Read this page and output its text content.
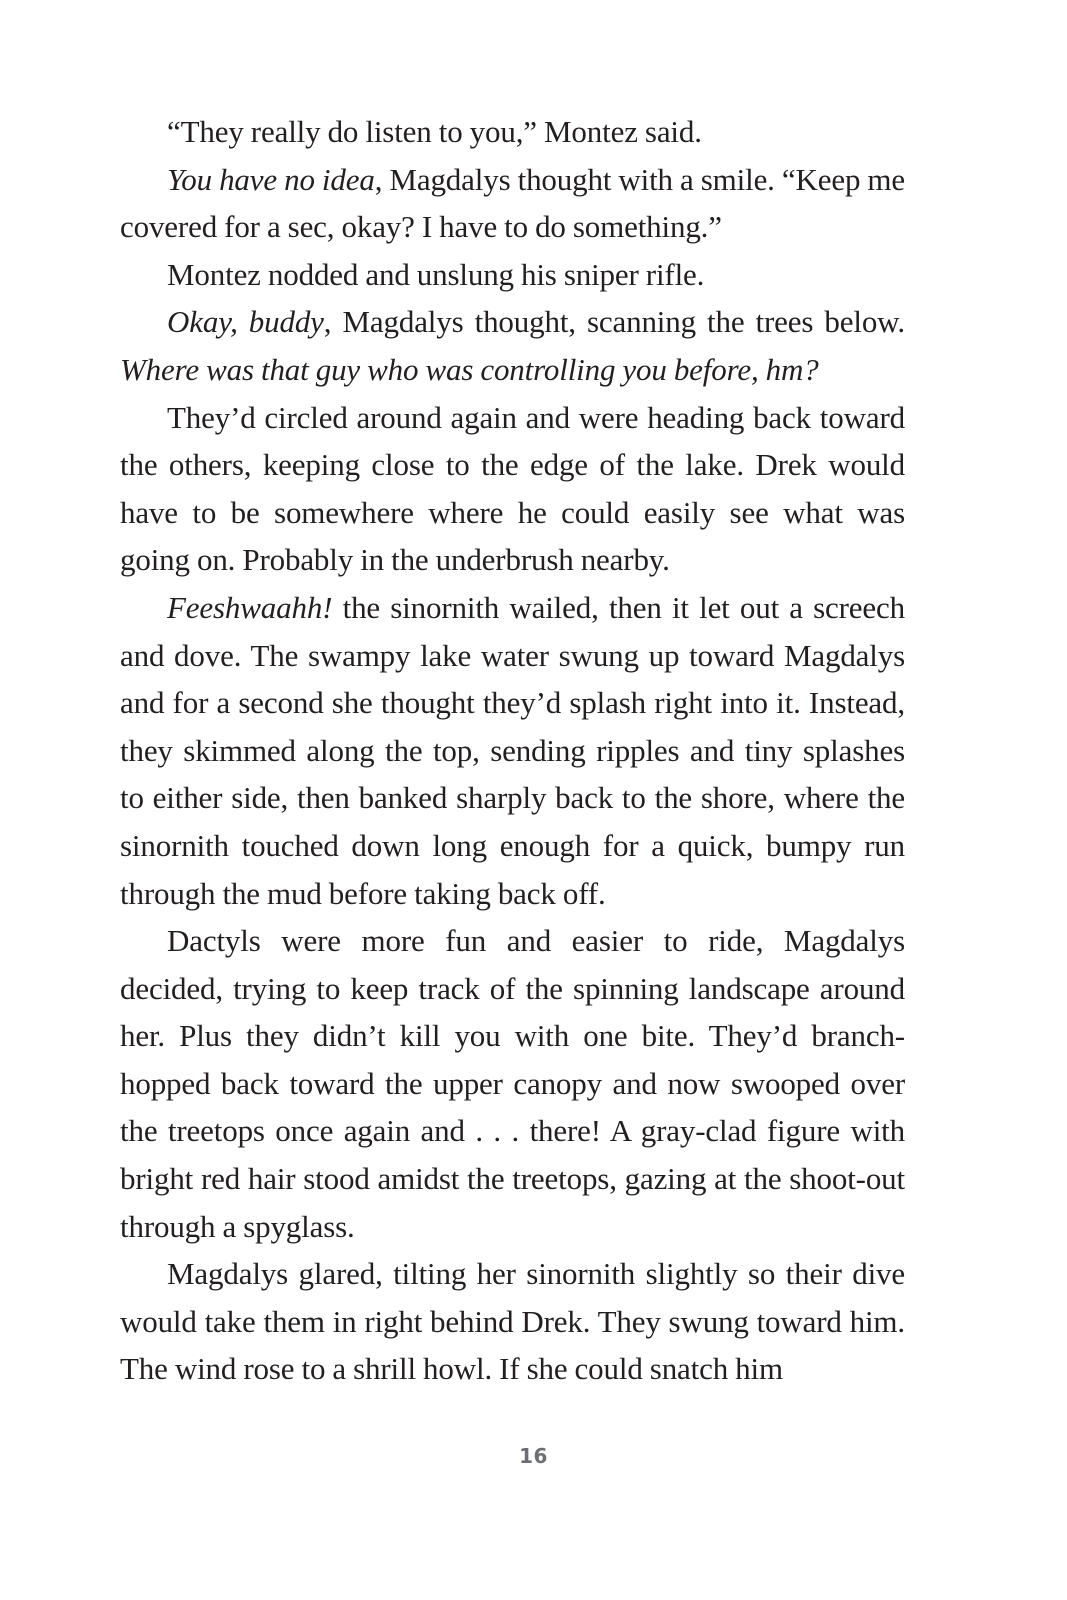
“They really do listen to you,” Montez said.

You have no idea, Magdalys thought with a smile. “Keep me covered for a sec, okay? I have to do something.”

Montez nodded and unslung his sniper rifle.

Okay, buddy, Magdalys thought, scanning the trees below. Where was that guy who was controlling you before, hm?

They’d circled around again and were heading back toward the others, keeping close to the edge of the lake. Drek would have to be somewhere where he could easily see what was going on. Probably in the underbrush nearby.

Feeshwaahh! the sinornith wailed, then it let out a screech and dove. The swampy lake water swung up toward Magdalys and for a second she thought they’d splash right into it. Instead, they skimmed along the top, sending ripples and tiny splashes to either side, then banked sharply back to the shore, where the sinornith touched down long enough for a quick, bumpy run through the mud before taking back off.

Dactyls were more fun and easier to ride, Magdalys decided, trying to keep track of the spinning landscape around her. Plus they didn’t kill you with one bite. They’d branch-hopped back toward the upper canopy and now swooped over the treetops once again and . . . there! A gray-clad figure with bright red hair stood amidst the treetops, gazing at the shoot-out through a spyglass.

Magdalys glared, tilting her sinornith slightly so their dive would take them in right behind Drek. They swung toward him. The wind rose to a shrill howl. If she could snatch him

16
